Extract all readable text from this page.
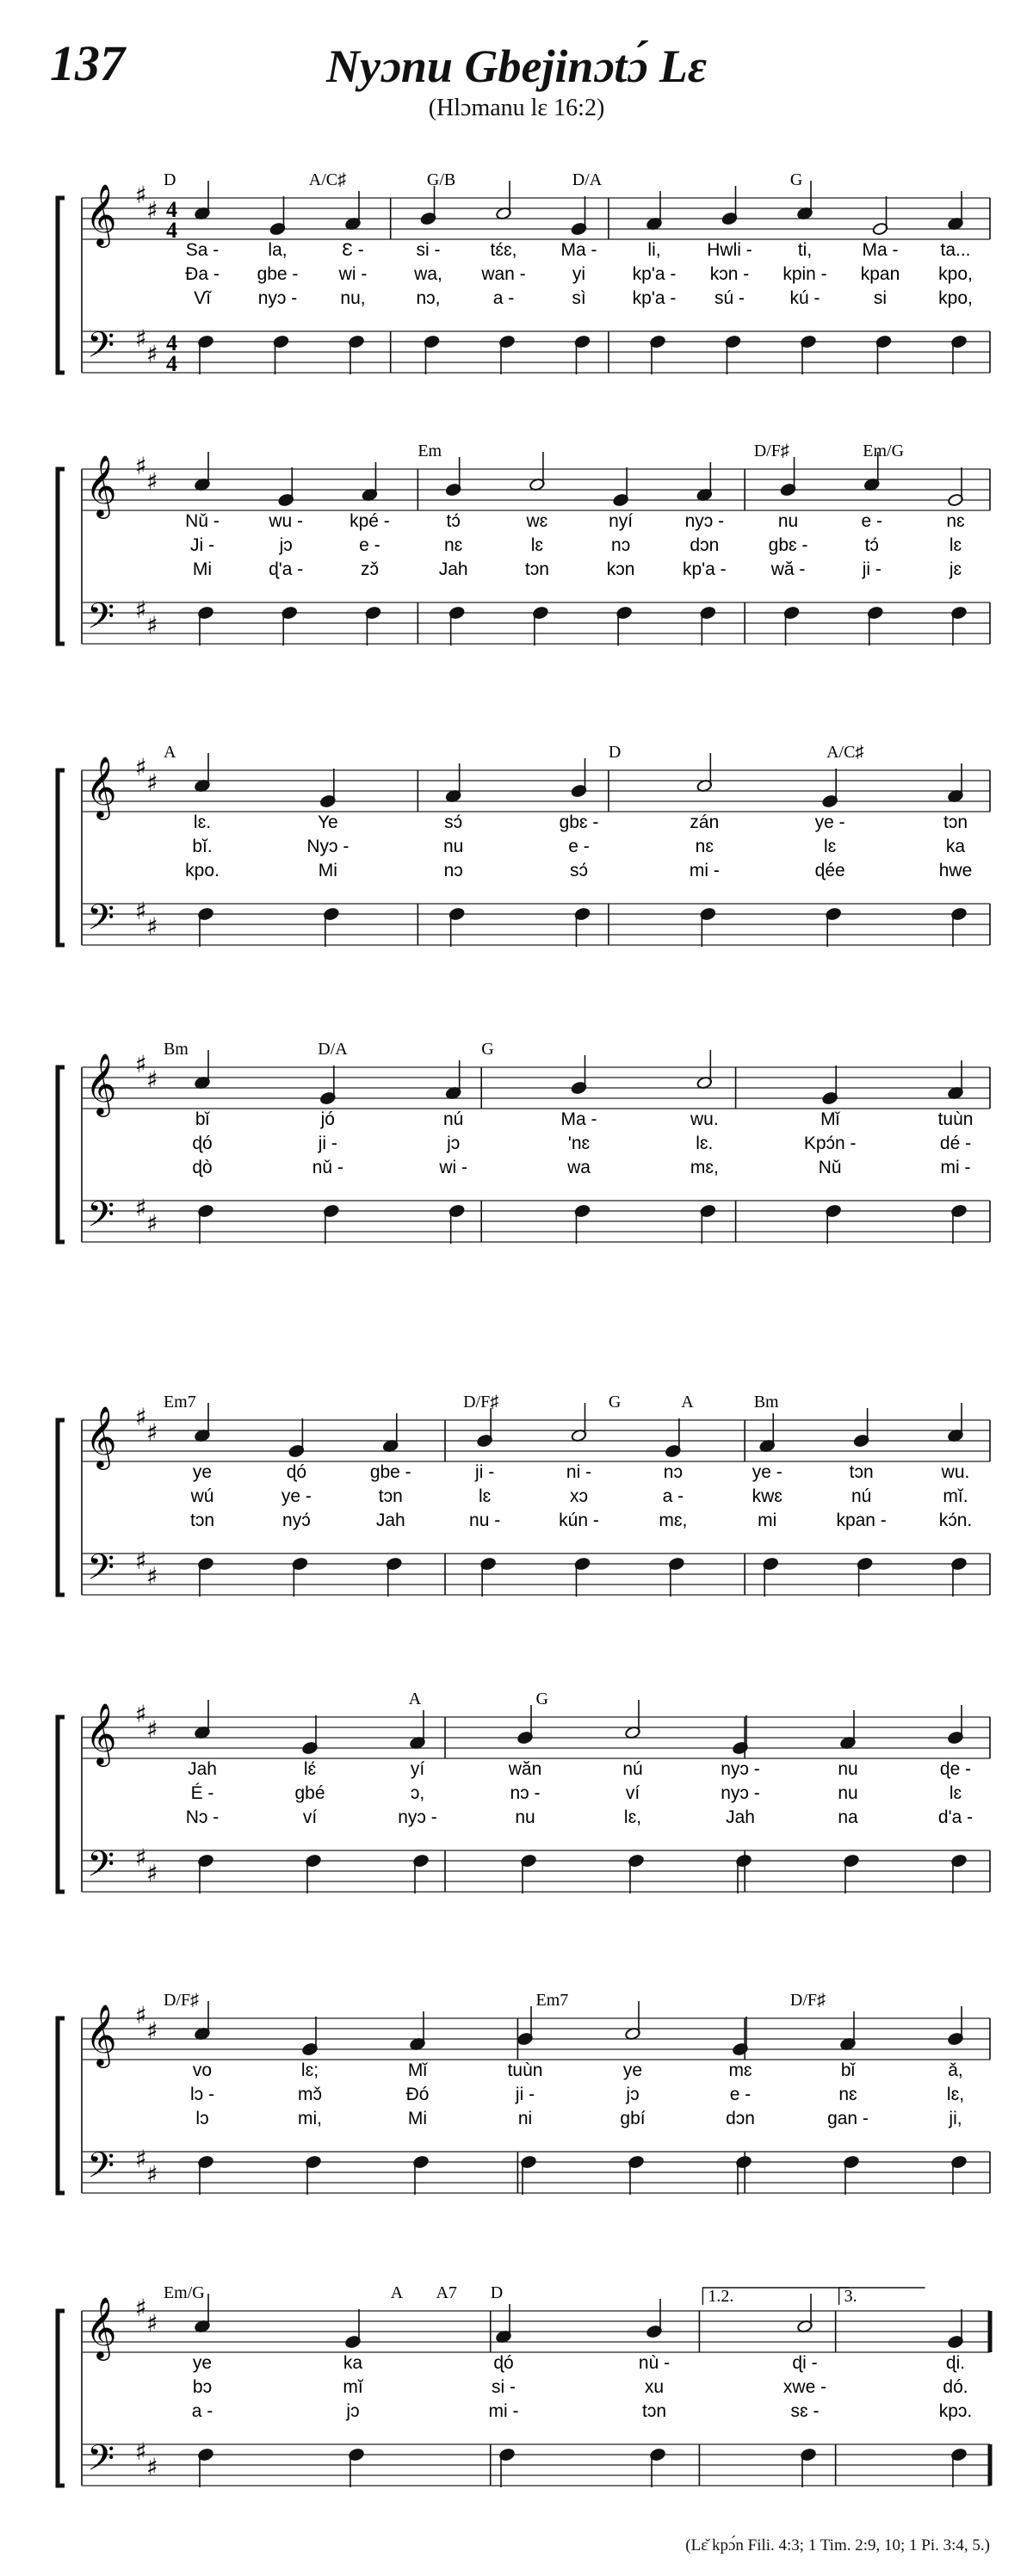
137	Nyɔnu Gbejinɔtɔ́ Lɛ
(Hlɔmanu lɛ 16:2)
𝄞
𝄢
♯
♯
♯
♯
4
4
4
4
D	A/C♯	G/B	D/A	G
Sa -	la,	Ɛ -	si -	tɛ́ɛ, Ma -	li,	Hwli -	ti,	Ma - ta...
Ɖa - gbe - wi -	wa, wan -	yi	kp'a - kɔn - kpin - kpan kpo,
Vĩ	nyɔ - nu,	nɔ,	a -	sì	kp'a - sú - kú -	si	kpo,
𝄞
𝄢
♯
♯
♯
♯
Em	D/F♯	Em/G
Nǔ -	wu -	kpé -	tɔ́	wɛ	nyí	nyɔ -	nu	e -	nɛ
Ji -	jɔ	e -	nɛ	lɛ	nɔ	dɔn	gbɛ -	tɔ́	lɛ
Mi	ɖ'a -	zɔ̌	Jah	tɔn	kɔn	kp'a - wă -	ji -	jɛ
𝄞
𝄢
♯
♯
♯
♯
A	D	A/C♯
lɛ.	Ye	sɔ́	gbɛ -	zán	ye -	tɔn
bĭ.	Nyɔ -	nu	e -	nɛ	lɛ	ka
kpo.	Mi	nɔ	sɔ́	mi -	ɖée	hwe
𝄞
𝄢
♯
♯
♯
♯
Bm	D/A	G
bǐ	jó	nú	Ma -	wu.	Mǐ	tuùn
ɖó	ji -	jɔ	'nɛ	lɛ.	Kpɔ́n -	dé -
ɖò	nǔ -	wi -	wa	mɛ,	Nǔ	mi -
𝄞
𝄢
♯
♯
♯
♯
Em7	D/F♯	G	A	Bm
ye	ɖó	gbe -	ji -	ni -	nɔ	ye -	tɔn	wu.
wú	ye -	tɔn	lɛ	xɔ	a -	kwɛ	nú	mĭ.
tɔn	nyɔ́	Jah	nu -	kún -	mɛ,	mi	kpan -	kɔ́n.
𝄞
𝄢
♯
♯
♯
♯
A	G
Jah	lɛ́	yí	wăn	nú	nyɔ -	nu	ɖe -
É -	gbé	ɔ,	nɔ -	ví	nyɔ -	nu	lɛ
Nɔ -	ví	nyɔ -	nu	lɛ,	Jah	na	d'a -
𝄞
𝄢
♯
♯
♯
♯
D/F♯	Em7	D/F♯
vo	lɛ;	Mǐ	tuùn	ye	mɛ	bǐ	ǎ,
lɔ -	mɔ̌	Ðó	ji -	jɔ	e -	nɛ	lɛ,
lɔ	mi,	Mi	ni	gbí	dɔn	gan -	ji,
𝄞
𝄢
♯
♯
♯
♯
Em/G	A A7 D	1.2.	3.
ye	ka	ɖó	nù -	ɖi -	ɖi.
bɔ	mĭ	si -	xu	xwe -	dó.
a -	jɔ	mi -	tɔn	sɛ -	kpɔ.
(Lɛ̌ kpɔ́n Fili. 4:3; 1 Tim. 2:9, 10; 1 Pi. 3:4, 5.)
